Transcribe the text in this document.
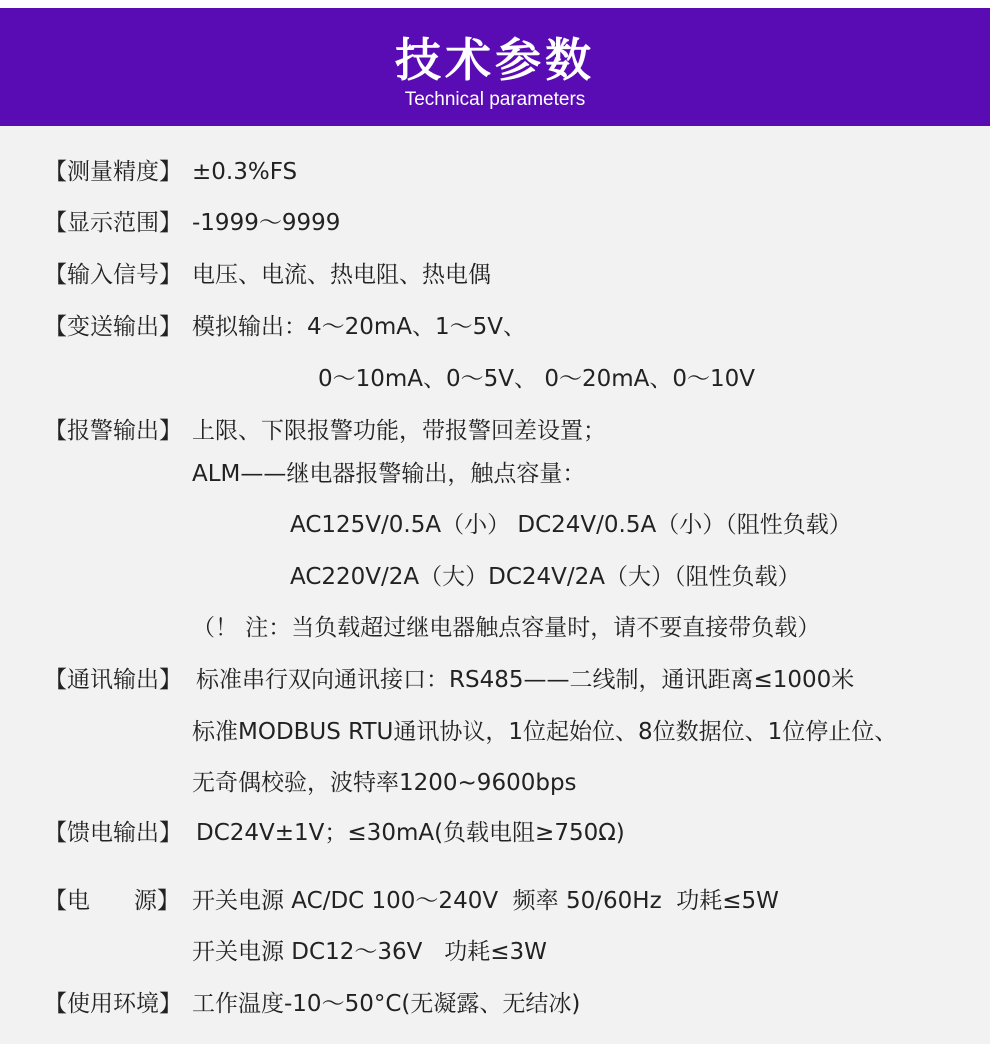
技术参数
Technical parameters
【测量精度】 ±0.3%FS
【显示范围】 -1999～9999
【输入信号】 电压、电流、热电阻、热电偶
【变送输出】 模拟输出：4～20mA、1～5V、
0～10mA、0～5V、 0～20mA、0～10V
【报警输出】 上限、下限报警功能，带报警回差设置；
ALM——继电器报警输出，触点容量：
AC125V/0.5A（小） DC24V/0.5A（小）（阻性负载）
AC220V/2A（大）DC24V/2A（大）（阻性负载）
（！ 注：当负载超过继电器触点容量时，请不要直接带负载）
【通讯输出】 标准串行双向通讯接口：RS485——二线制，通讯距离≤1000米
标准MODBUS RTU通讯协议，1位起始位、8位数据位、1位停止位、
无奇偶校验，波特率1200~9600bps
【馈电输出】 DC24V±1V；≤30mA(负载电阻≥750Ω)
【电      源】 开关电源 AC/DC 100～240V  频率 50/60Hz  功耗≤5W
开关电源 DC12～36V   功耗≤3W
【使用环境】 工作温度-10～50°C(无凝露、无结冰)
